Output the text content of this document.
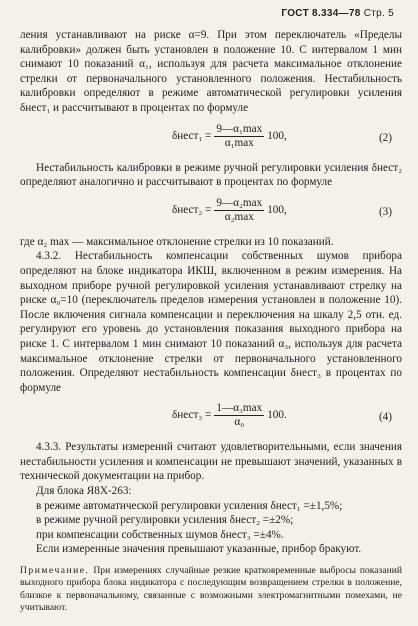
ГОСТ 8.334—78 Стр. 5

ления устанавливают на риске α=9. При этом переключатель «Пределы калибровки» должен быть установлен в положение 10. С интервалом 1 мин снимают 10 показаний α₁, используя для расчета максимальное отклонение стрелки от первоначального установленного положения. Нестабильность калибровки определяют в режиме автоматической регулировки усиления δнест₁ и рассчитывают в процентах по формуле

δнест₁ = $\frac{\text{9—α₁max}}{\text{α₁max}} 100$,	(2)

Нестабильность калибровки в режиме ручной регулировки усиления δнест₂ определяют аналогично и рассчитывают в процентах по формуле

δнест₂ = $\frac{\text{9—α₂max}}{\text{α₂max}} 100$,	(3)

где α₂ max — максимальное отклонение стрелки из 10 показаний.

4.3.2. Нестабильность компенсации собственных шумов прибора определяют на блоке индикатора ИКШ, включенном в режим измерения. На выходном приборе ручной регулировкой усиления устанавливают стрелку на риске α₀=10 (переключатель пределов измерения установлен в положение 10). После включения сигнала компенсации и переключения на шкалу 2,5 отн. ед. регулируют его уровень до установления показания выходного прибора на риске 1. С интервалом 1 мин снимают 10 показаний α₃, используя для расчета максимальное отклонение стрелки от первоначального установленного положения. Определяют нестабильность компенсации δнест₃ в процентах по формуле

δнест₃ = $\frac{\text{1—α₃max}}{\text{α₀}} 100$.	(4)

4.3.3. Результаты измерений считают удовлетворительными, если значения нестабильности усиления и компенсации не превышают значений, указанных в технической документации на прибор.

Для блока Я8Х-263:

в режиме автоматической регулировки усиления δнест₁ =±1,5%;

в режиме ручной регулировки усиления δнест₂ =±2%;

при компенсации собственных шумов δнест₃ =±4%.

Если измеренные значения превышают указанные, прибор бракуют.

Примечание. При измерениях случайные резкие кратковременные выбросы показаний выходного прибора блока индикатора с последующим возвращением стрелки в положение, близкое к первоначальному, связанные с возможными электромагнитными помехами, не учитывают.
